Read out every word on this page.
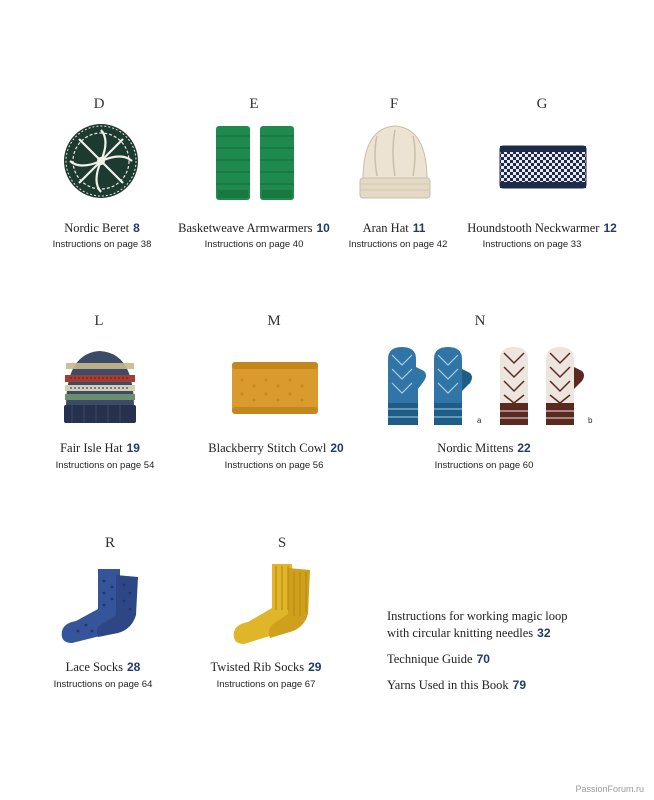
D
Nordic Beret 8
Instructions on page 38
E
Basketweave Armwarmers 10
Instructions on page 40
F
Aran Hat 11
Instructions on page 42
G
Houndstooth Neckwarmer 12
Instructions on page 33
L
Fair Isle Hat 19
Instructions on page 54
M
Blackberry Stitch Cowl 20
Instructions on page 56
N
a	b
Nordic Mittens 22
Instructions on page 60
R
Lace Socks 28
Instructions on page 64
S
Twisted Rib Socks 29
Instructions on page 67
Instructions for working magic loop
with circular knitting needles 32
Technique Guide 70
Yarns Used in this Book 79
PassionForum.ru
